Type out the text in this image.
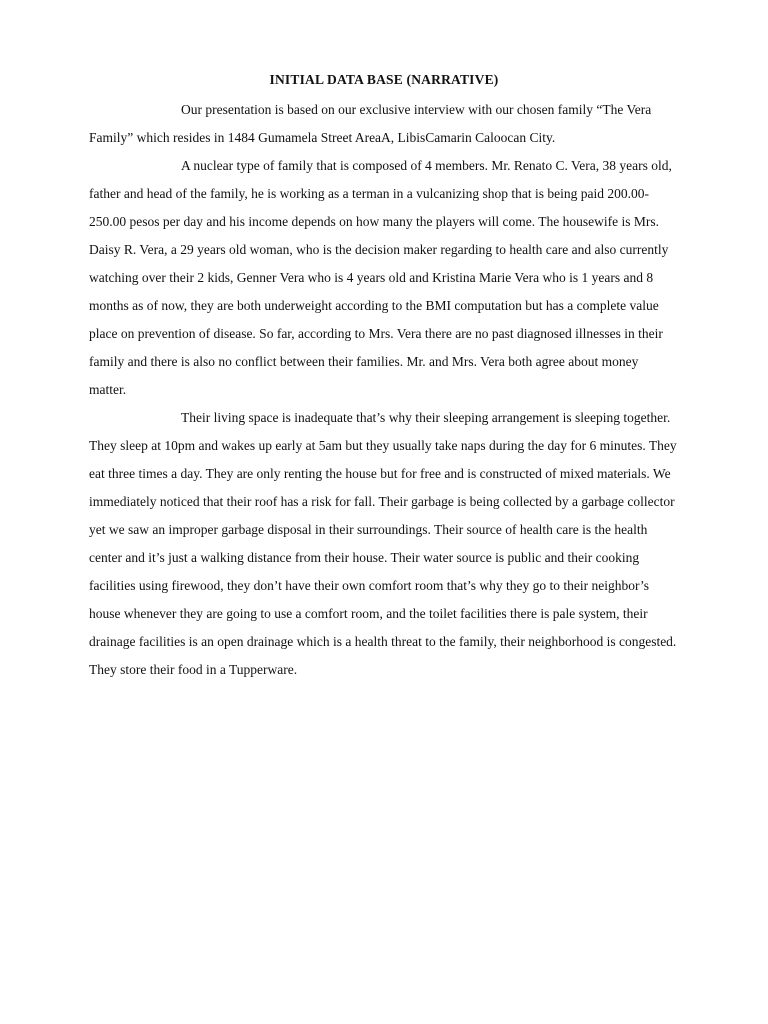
INITIAL DATA BASE (NARRATIVE)

Our presentation is based on our exclusive interview with our chosen family “The Vera Family” which resides in 1484 Gumamela Street AreaA, LibisCamarin Caloocan City.

A nuclear type of family that is composed of 4 members. Mr. Renato C. Vera, 38 years old, father and head of the family, he is working as a terman in a vulcanizing shop that is being paid 200.00-250.00 pesos per day and his income depends on how many the players will come. The housewife is Mrs. Daisy R. Vera, a 29 years old woman, who is the decision maker regarding to health care and also currently watching over their 2 kids, Genner Vera who is 4 years old and Kristina Marie Vera who is 1 years and 8 months as of now, they are both underweight according to the BMI computation but has a complete value place on prevention of disease. So far, according to Mrs. Vera there are no past diagnosed illnesses in their family and there is also no conflict between their families. Mr. and Mrs. Vera both agree about money matter.

Their living space is inadequate that’s why their sleeping arrangement is sleeping together. They sleep at 10pm and wakes up early at 5am but they usually take naps during the day for 6 minutes. They eat three times a day. They are only renting the house but for free and is constructed of mixed materials. We immediately noticed that their roof has a risk for fall. Their garbage is being collected by a garbage collector yet we saw an improper garbage disposal in their surroundings. Their source of health care is the health center and it’s just a walking distance from their house. Their water source is public and their cooking facilities using firewood, they don’t have their own comfort room that’s why they go to their neighbor’s house whenever they are going to use a comfort room, and the toilet facilities there is pale system, their drainage facilities is an open drainage which is a health threat to the family, their neighborhood is congested. They store their food in a Tupperware.
